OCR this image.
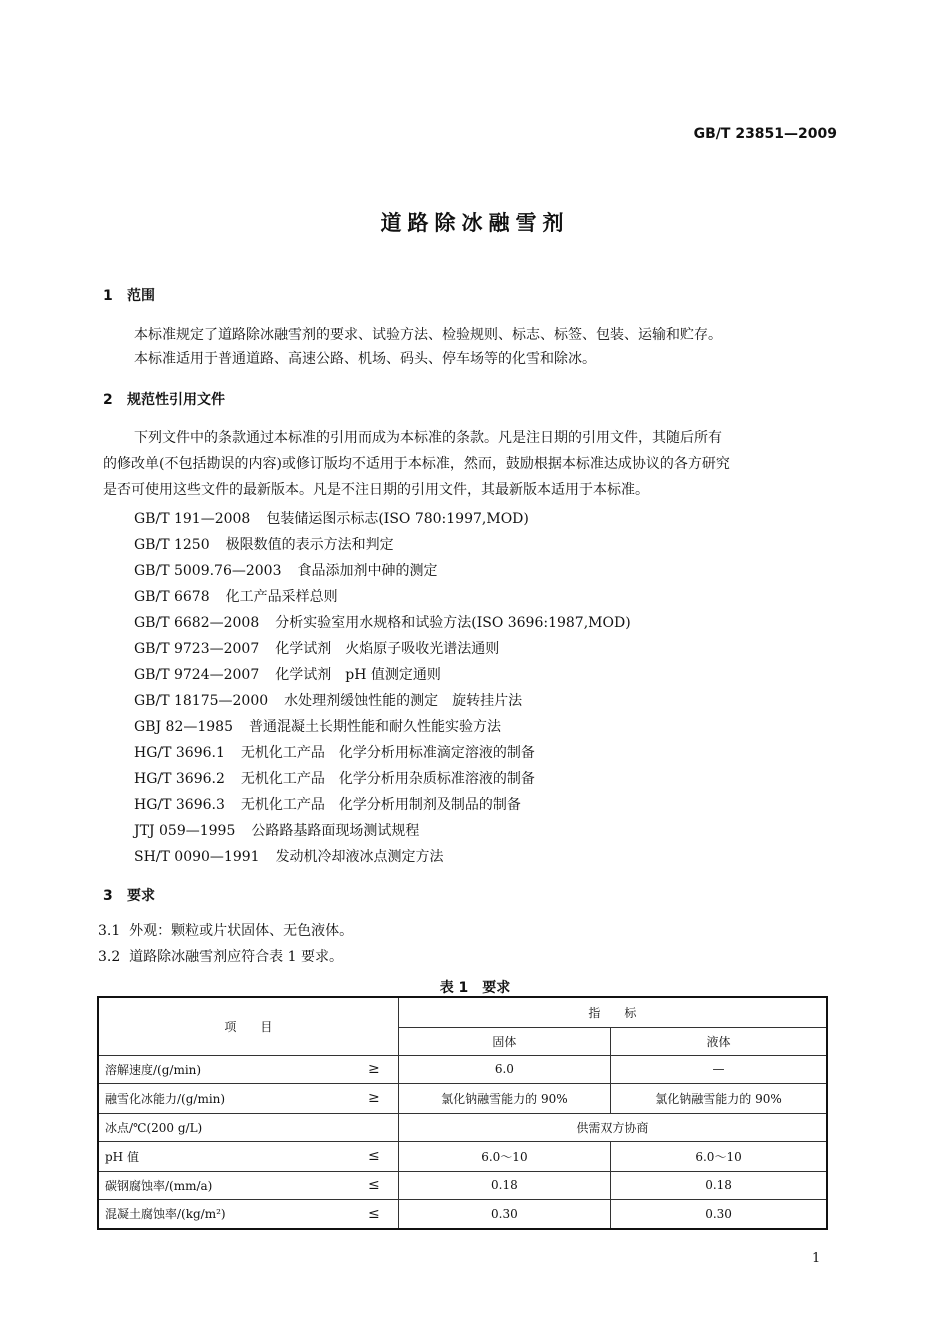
GB/T 23851—2009
道路除冰融雪剂
1 范围
本标准规定了道路除冰融雪剂的要求、试验方法、检验规则、标志、标签、包装、运输和贮存。
本标准适用于普通道路、高速公路、机场、码头、停车场等的化雪和除冰。
2 规范性引用文件
下列文件中的条款通过本标准的引用而成为本标准的条款。凡是注日期的引用文件，其随后所有
的修改单(不包括勘误的内容)或修订版均不适用于本标准，然而，鼓励根据本标准达成协议的各方研究
是否可使用这些文件的最新版本。凡是不注日期的引用文件，其最新版本适用于本标准。
GB/T 191—2008 包装储运图示标志(ISO 780:1997,MOD)
GB/T 1250 极限数值的表示方法和判定
GB/T 5009.76—2003 食品添加剂中砷的测定
GB/T 6678 化工产品采样总则
GB/T 6682—2008 分析实验室用水规格和试验方法(ISO 3696:1987,MOD)
GB/T 9723—2007 化学试剂　火焰原子吸收光谱法通则
GB/T 9724—2007 化学试剂　pH 值测定通则
GB/T 18175—2000 水处理剂缓蚀性能的测定　旋转挂片法
GBJ 82—1985 普通混凝土长期性能和耐久性能实验方法
HG/T 3696.1 无机化工产品　化学分析用标准滴定溶液的制备
HG/T 3696.2 无机化工产品　化学分析用杂质标准溶液的制备
HG/T 3696.3 无机化工产品　化学分析用制剂及制品的制备
JTJ 059—1995 公路路基路面现场测试规程
SH/T 0090—1991 发动机冷却液冰点测定方法
3 要求
3.1 外观：颗粒或片状固体、无色液体。
3.2 道路除冰融雪剂应符合表 1 要求。
表 1　要求
项　　目	指　　标	
	固体	液体
溶解速度/(g/min) ≥	6.0	—
融雪化冰能力/(g/min) ≥	氯化钠融雪能力的 90%	氯化钠融雪能力的 90%
冰点/℃(200 g/L)	供需双方协商	
pH 值 ≤	6.0～10	6.0～10
碳钢腐蚀率/(mm/a) ≤	0.18	0.18
混凝土腐蚀率/(kg/m²) ≤	0.30	0.30
1
